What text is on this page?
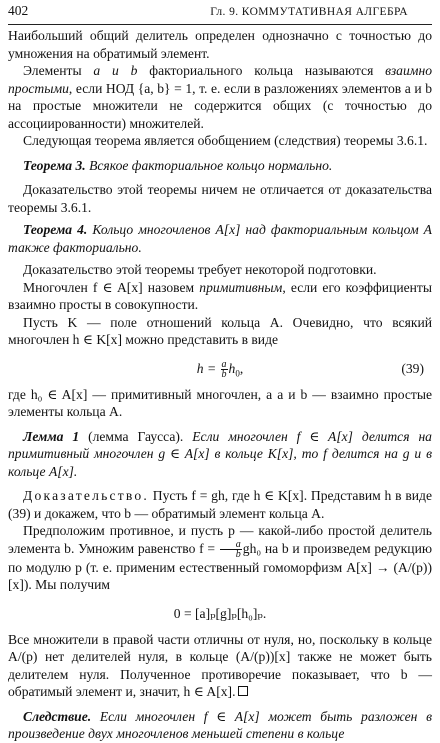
402	Гл. 9. КОММУТАТИВНАЯ АЛГЕБРА

Наибольший общий делитель определен однозначно с точностью до умножения на обратимый элемент.

Элементы a и b факториального кольца называются взаимно простыми, если НОД {a, b} = 1, т. е. если в разложениях элементов a и b на простые множители не содержится общих (с точностью до ассоциированности) множителей.

Следующая теорема является обобщением (следствия) теоремы 3.6.1.

Теорема 3. Всякое факториальное кольцо нормально.

Доказательство этой теоремы ничем не отличается от доказательства теоремы 3.6.1.

Теорема 4. Кольцо многочленов A[x] над факториальным кольцом A также факториально.

Доказательство этой теоремы требует некоторой подготовки.

Многочлен f ∈ A[x] назовем примитивным, если его коэффициенты взаимно просты в совокупности.

Пусть K — поле отношений кольца A. Очевидно, что всякий многочлен h ∈ K[x] можно представить в виде

$h = \frac{a}{b} h_0$,	(39)

где h₀ ∈ A[x] — примитивный многочлен, а a и b — взаимно простые элементы кольца A.

Лемма 1 (лемма Гаусса). Если многочлен f ∈ A[x] делится на примитивный многочлен g ∈ A[x] в кольце K[x], то f делится на g и в кольце A[x].

Доказательство. Пусть f = gh, где h ∈ K[x]. Представим h в виде (39) и докажем, что b — обратимый элемент кольца A.

Предположим противное, и пусть p — какой-либо простой делитель элемента b. Умножим равенство $f = \frac{a}{b} gh_0$ на b и произведем редукцию по модулю p (т. е. применим естественный гомоморфизм A[x] → (A/(p))[x]). Мы получим

0 = [a]ₚ[g]ₚ[h₀]ₚ.

Все множители в правой части отличны от нуля, но, поскольку в кольце A/(p) нет делителей нуля, в кольце (A/(p))[x] также не может быть делителем нуля. Полученное противоречие показывает, что b — обратимый элемент и, значит, h ∈ A[x].

Следствие. Если многочлен f ∈ A[x] может быть разложен в произведение двух многочленов меньшей степени в кольце
